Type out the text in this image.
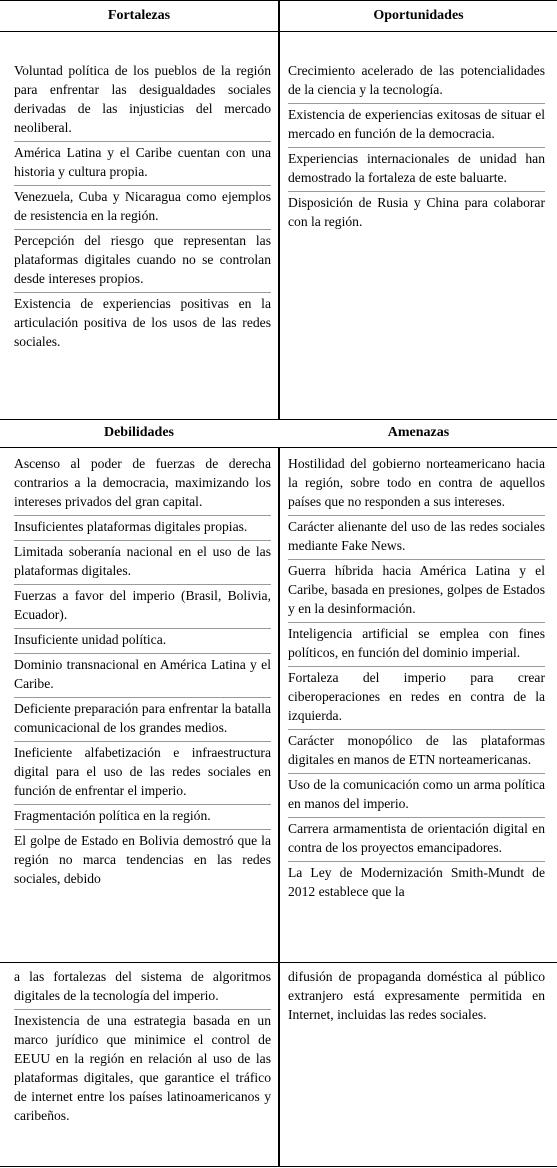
Fortalezas	Oportunidades
Debilidades	Amenazas
Voluntad política de los pueblos de la región para enfrentar las desigualdades sociales derivadas de las injusticias del mercado neoliberal.
América Latina y el Caribe cuentan con una historia y cultura propia.
Venezuela, Cuba y Nicaragua como ejemplos de resistencia en la región.
Percepción del riesgo que representan las plataformas digitales cuando no se controlan desde intereses propios.
Existencia de experiencias positivas en la articulación positiva de los usos de las redes sociales.
Crecimiento acelerado de las potencialidades de la ciencia y la tecnología.
Existencia de experiencias exitosas de situar el mercado en función de la democracia.
Experiencias internacionales de unidad han demostrado la fortaleza de este baluarte.
Disposición de Rusia y China para colaborar con la región.
Ascenso al poder de fuerzas de derecha contrarios a la democracia, maximizando los intereses privados del gran capital.
Insuficientes plataformas digitales propias.
Limitada soberanía nacional en el uso de las plataformas digitales.
Fuerzas a favor del imperio (Brasil, Bolivia, Ecuador).
Insuficiente unidad política.
Dominio transnacional en América Latina y el Caribe.
Deficiente preparación para enfrentar la batalla comunicacional de los grandes medios.
Ineficiente alfabetización e infraestructura digital para el uso de las redes sociales en función de enfrentar el imperio.
Fragmentación política en la región.
El golpe de Estado en Bolivia demostró que la región no marca tendencias en las redes sociales, debido
Hostilidad del gobierno norteamericano hacia la región, sobre todo en contra de aquellos países que no responden a sus intereses.
Carácter alienante del uso de las redes sociales mediante Fake News.
Guerra híbrida hacia América Latina y el Caribe, basada en presiones, golpes de Estados y en la desinformación.
Inteligencia artificial se emplea con fines políticos, en función del dominio imperial.
Fortaleza del imperio para crear ciberoperaciones en redes en contra de la izquierda.
Carácter monopólico de las plataformas digitales en manos de ETN norteamericanas.
Uso de la comunicación como un arma política en manos del imperio.
Carrera armamentista de orientación digital en contra de los proyectos emancipadores.
La Ley de Modernización Smith-Mundt de 2012 establece que la
a las fortalezas del sistema de algoritmos digitales de la tecnología del imperio.
Inexistencia de una estrategia basada en un marco jurídico que minimice el control de EEUU en la región en relación al uso de las plataformas digitales, que garantice el tráfico de internet entre los países latinoamericanos y caribeños.
difusión de propaganda doméstica al público extranjero está expresamente permitida en Internet, incluidas las redes sociales.
